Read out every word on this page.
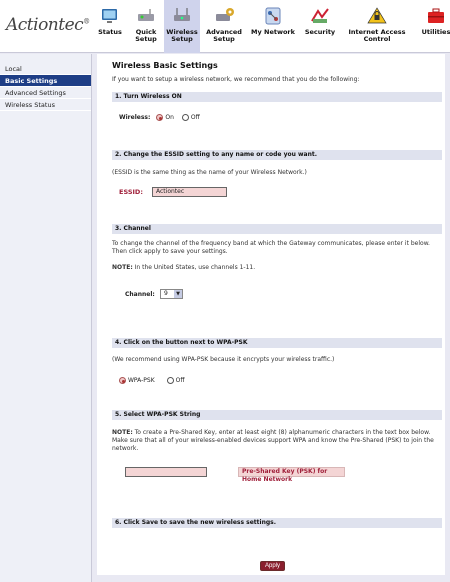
Actiontec®
Status	Quick Setup
Wireless Setup
Advanced Setup
My Network Security	Internet Access Control
Utilities
Local
Basic Settings
Advanced Settings
Wireless Status
Wireless Basic Settings
If you want to setup a wireless network, we recommend that you do the following:
1. Turn Wireless ON
Wireless:	On	Off
2. Change the ESSID setting to any name or code you want.
(ESSID is the same thing as the name of your Wireless Network.)
ESSID:	Actiontec
3. Channel
To change the channel of the frequency band at which the Gateway communicates, please enter it below. Then click apply to save your settings.
NOTE: In the United States, use channels 1-11.
Channel:	9	▼
4. Click on the button next to WPA-PSK
(We recommend using WPA-PSK because it encrypts your wireless traffic.)
WPA-PSK	Off
5. Select WPA-PSK String
NOTE: To create a Pre-Shared Key, enter at least eight (8) alphanumeric characters in the text box below. Make sure that all of your wireless-enabled devices support WPA and know the Pre-Shared (PSK) to join the network.
Pre-Shared Key (PSK) for Home Network
6. Click Save to save the new wireless settings.
Apply
